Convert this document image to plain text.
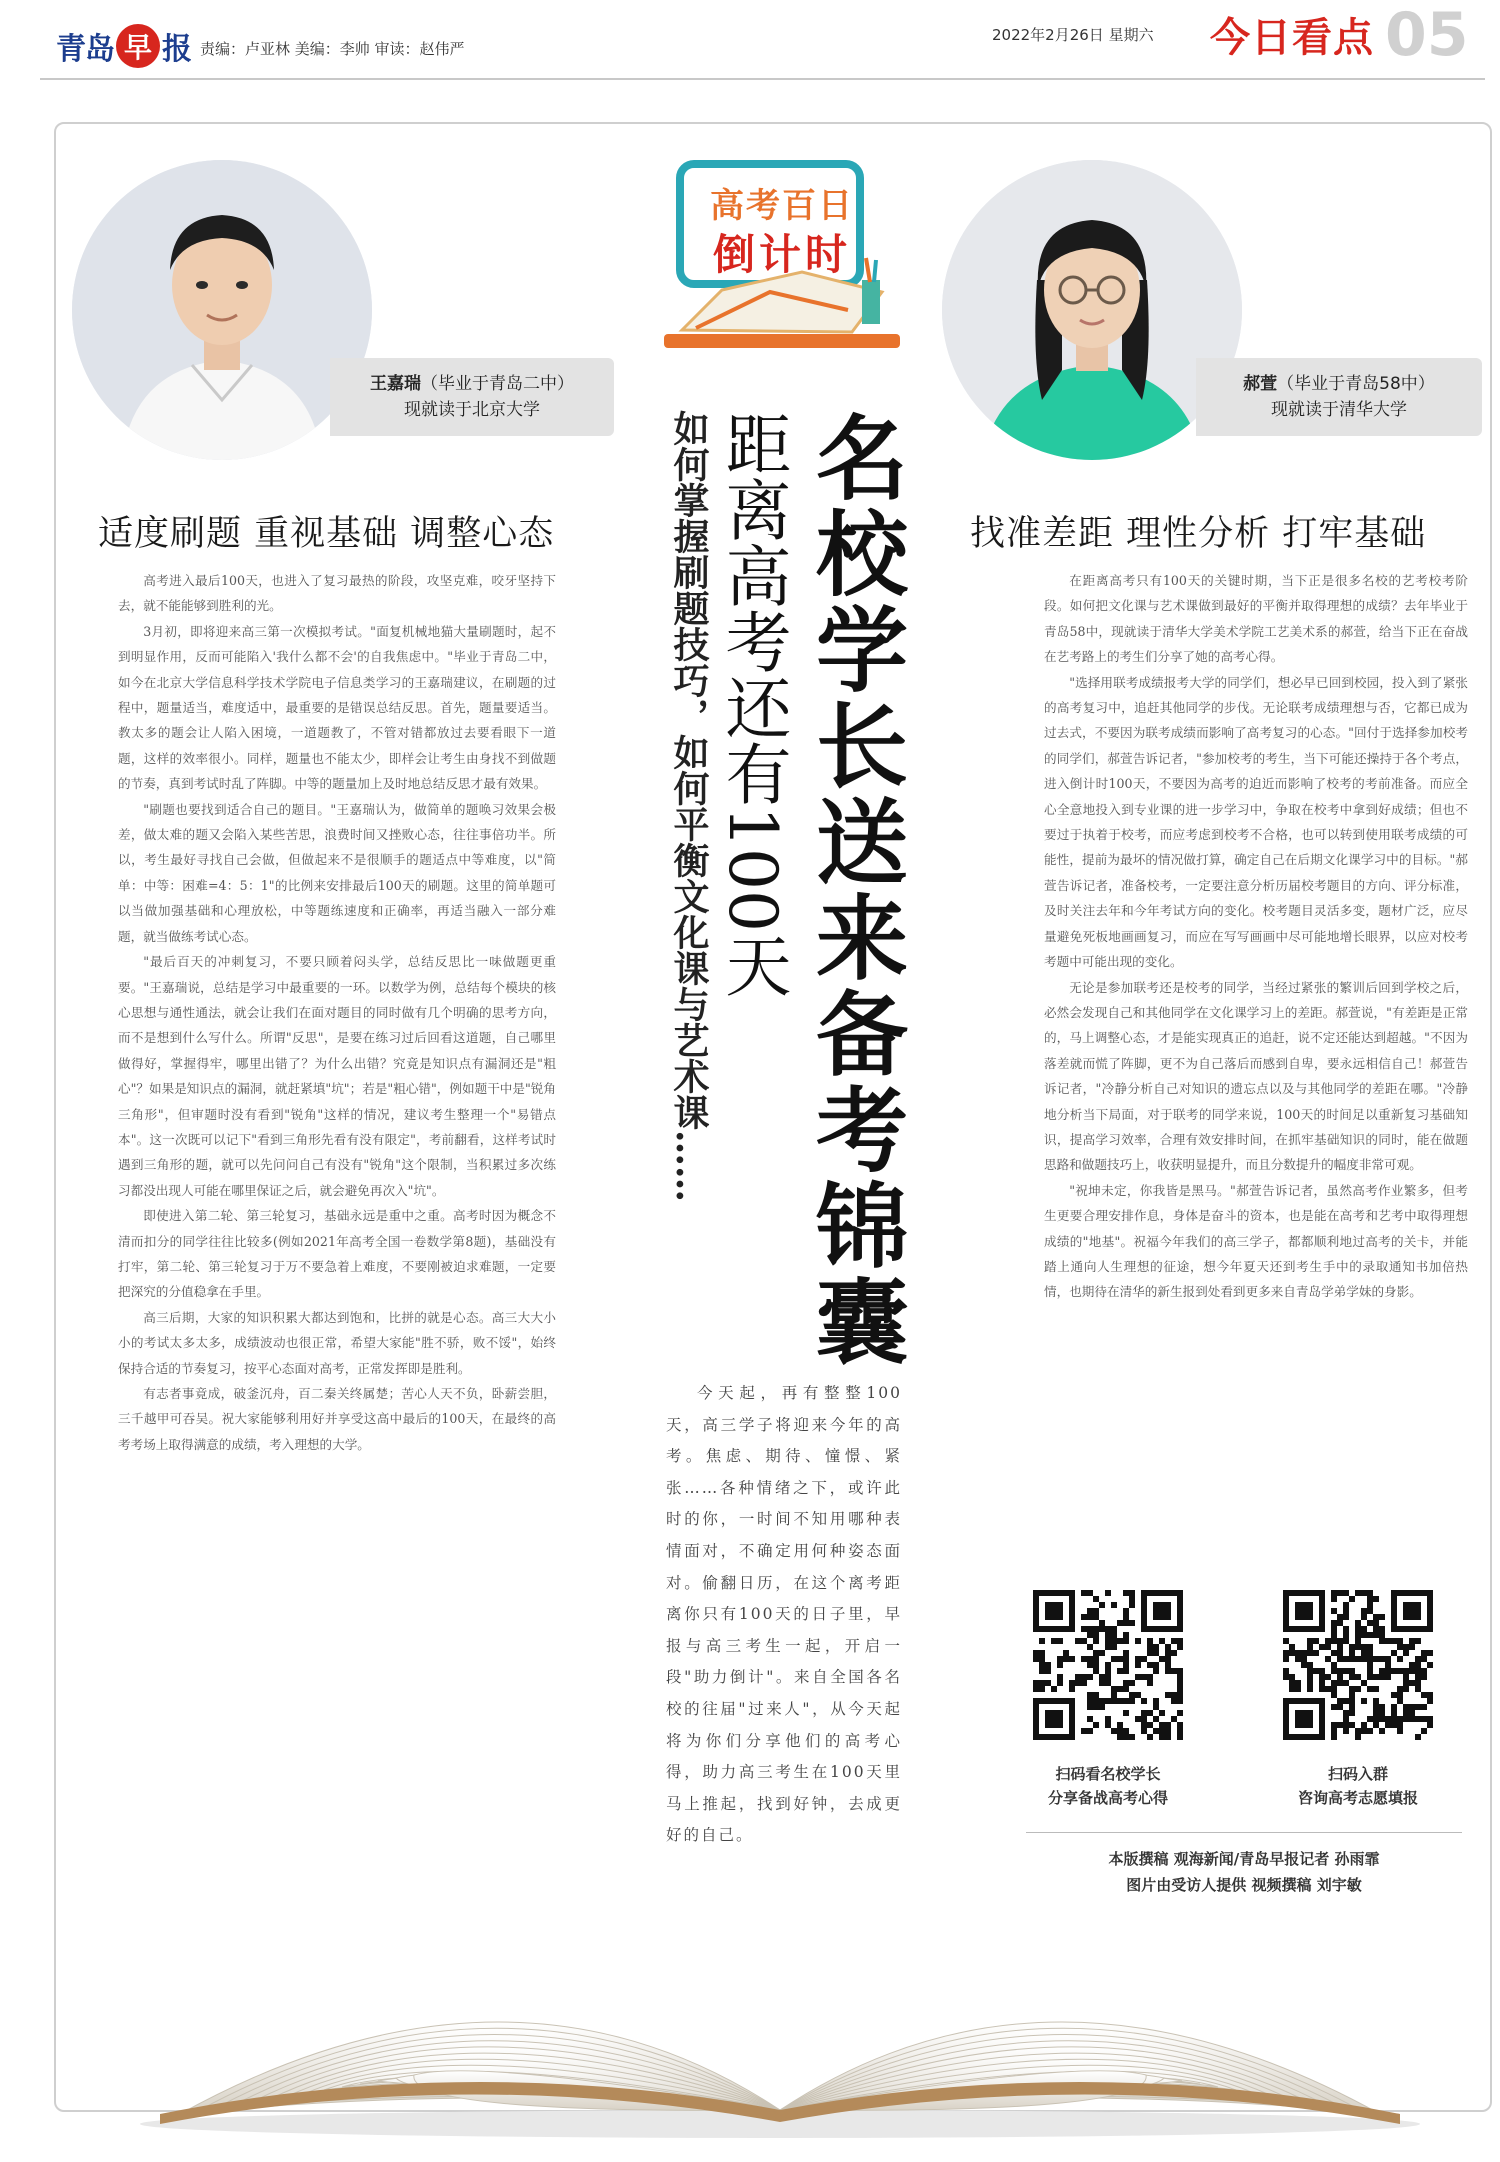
青岛 早 报 责编：卢亚林 美编：李帅 审读：赵伟严
2022年2月26日 星期六 今日看点 05
王嘉瑞（毕业于青岛二中）
现就读于北京大学
高考百日
倒计时
郝萱（毕业于青岛58中）
现就读于清华大学
名校学长送来备考锦囊
距离高考还有100天
如何掌握刷题技巧，如何平衡文化课与艺术课……
适度刷题 重视基础 调整心态	找准差距 理性分析 打牢基础

高考进入最后100天，也进入了复习最热的阶段，攻坚克难，咬牙坚持下去，就不能能够到胜利的光。

3月初，即将迎来高三第一次模拟考试。"面复机械地猫大量刷题时，起不到明显作用，反而可能陷入'我什么都不会'的自我焦虑中。"毕业于青岛二中，如今在北京大学信息科学技术学院电子信息类学习的王嘉瑞建议，在刷题的过程中，题量适当，难度适中，最重要的是错误总结反思。首先，题量要适当。教太多的题会让人陷入困境，一道题教了，不管对错都放过去要看眼下一道题，这样的效率很小。同样，题量也不能太少，即样会让考生由身找不到做题的节奏，真到考试时乱了阵脚。中等的题量加上及时地总结反思才最有效果。

"刷题也要找到适合自己的题目。"王嘉瑞认为，做简单的题唤习效果会极差，做太难的题又会陷入某些苦思，浪费时间又挫败心态，往往事倍功半。所以，考生最好寻找自己会做，但做起来不是很顺手的题适点中等难度，以"简单：中等：困难=4：5：1"的比例来安排最后100天的刷题。这里的简单题可以当做加强基础和心理放松，中等题练速度和正确率，再适当融入一部分难题，就当做练考试心态。

"最后百天的冲刺复习，不要只顾着闷头学，总结反思比一味做题更重要。"王嘉瑞说，总结是学习中最重要的一环。以数学为例，总结每个模块的核心思想与通性通法，就会让我们在面对题目的同时做有几个明确的思考方向，而不是想到什么写什么。所谓"反思"，是要在练习过后回看这道题，自己哪里做得好，掌握得牢，哪里出错了？为什么出错？究竟是知识点有漏洞还是"粗心"？如果是知识点的漏洞，就赶紧填"坑"；若是"粗心错"，例如题干中是"锐角三角形"，但审题时没有看到"锐角"这样的情况，建议考生整理一个"易错点本"。这一次既可以记下"看到三角形先看有没有限定"，考前翻看，这样考试时遇到三角形的题，就可以先问问自己有没有"锐角"这个限制，当积累过多次练习都没出现人可能在哪里保证之后，就会避免再次入"坑"。

即使进入第二轮、第三轮复习，基础永远是重中之重。高考时因为概念不清而扣分的同学往往比较多(例如2021年高考全国一卷数学第8题)，基础没有打牢，第二轮、第三轮复习于万不要急着上难度，不要刚被迫求难题，一定要把深究的分值稳拿在手里。

高三后期，大家的知识积累大都达到饱和，比拼的就是心态。高三大大小小的考试太多太多，成绩波动也很正常，希望大家能"胜不骄，败不馁"，始终保持合适的节奏复习，按平心态面对高考，正常发挥即是胜利。

有志者事竟成，破釜沉舟，百二秦关终属楚；苦心人天不负，卧薪尝胆，三千越甲可吞吴。祝大家能够利用好并享受这高中最后的100天，在最终的高考考场上取得满意的成绩，考入理想的大学。

今天起，再有整整100天，高三学子将迎来今年的高考。焦虑、期待、憧憬、紧张……各种情绪之下，或许此时的你，一时间不知用哪种表情面对，不确定用何种姿态面对。偷翻日历，在这个离考距离你只有100天的日子里，早报与高三考生一起，开启一段"助力倒计"。来自全国各名校的往届"过来人"，从今天起将为你们分享他们的高考心得，助力高三考生在100天里马上推起，找到好钟，去成更好的自己。

在距离高考只有100天的关键时期，当下正是很多名校的艺考校考阶段。如何把文化课与艺术课做到最好的平衡并取得理想的成绩？去年毕业于青岛58中，现就读于清华大学美术学院工艺美术系的郝萱，给当下正在奋战在艺考路上的考生们分享了她的高考心得。

"选择用联考成绩报考大学的同学们，想必早已回到校园，投入到了紧张的高考复习中，追赶其他同学的步伐。无论联考成绩理想与否，它都已成为过去式，不要因为联考成绩而影响了高考复习的心态。"回付于选择参加校考的同学们，郝萱告诉记者，"参加校考的考生，当下可能还操持于各个考点，进入倒计时100天，不要因为高考的迫近而影响了校考的考前准备。而应全心全意地投入到专业课的进一步学习中，争取在校考中拿到好成绩；但也不要过于执着于校考，而应考虑到校考不合格，也可以转到使用联考成绩的可能性，提前为最坏的情况做打算，确定自己在后期文化课学习中的目标。"郝萱告诉记者，准备校考，一定要注意分析历届校考题目的方向、评分标准，及时关注去年和今年考试方向的变化。校考题目灵活多变，题材广泛，应尽量避免死板地画画复习，而应在写写画画中尽可能地增长眼界，以应对校考考题中可能出现的变化。

无论是参加联考还是校考的同学，当经过紧张的繁训后回到学校之后，必然会发现自己和其他同学在文化课学习上的差距。郝萱说，"有差距是正常的，马上调整心态，才是能实现真正的追赶，说不定还能达到超越。"不因为落差就而慌了阵脚，更不为自己落后而感到自卑，要永远相信自己！郝萱告诉记者，"冷静分析自己对知识的遗忘点以及与其他同学的差距在哪。"冷静地分析当下局面，对于联考的同学来说，100天的时间足以重新复习基础知识，提高学习效率，合理有效安排时间，在抓牢基础知识的同时，能在做题思路和做题技巧上，收获明显提升，而且分数提升的幅度非常可观。

"祝坤未定，你我皆是黑马。"郝萱告诉记者，虽然高考作业繁多，但考生更要合理安排作息，身体是奋斗的资本，也是能在高考和艺考中取得理想成绩的"地基"。祝福今年我们的高三学子，都都顺利地过高考的关卡，并能踏上通向人生理想的征途，想今年夏天还到考生手中的录取通知书加倍热情，也期待在清华的新生报到处看到更多来自青岛学弟学妹的身影。

扫码看名校学长
分享备战高考心得
扫码入群
咨询高考志愿填报
本版撰稿 观海新闻/青岛早报记者 孙雨霏
图片由受访人提供 视频撰稿 刘宇敏
